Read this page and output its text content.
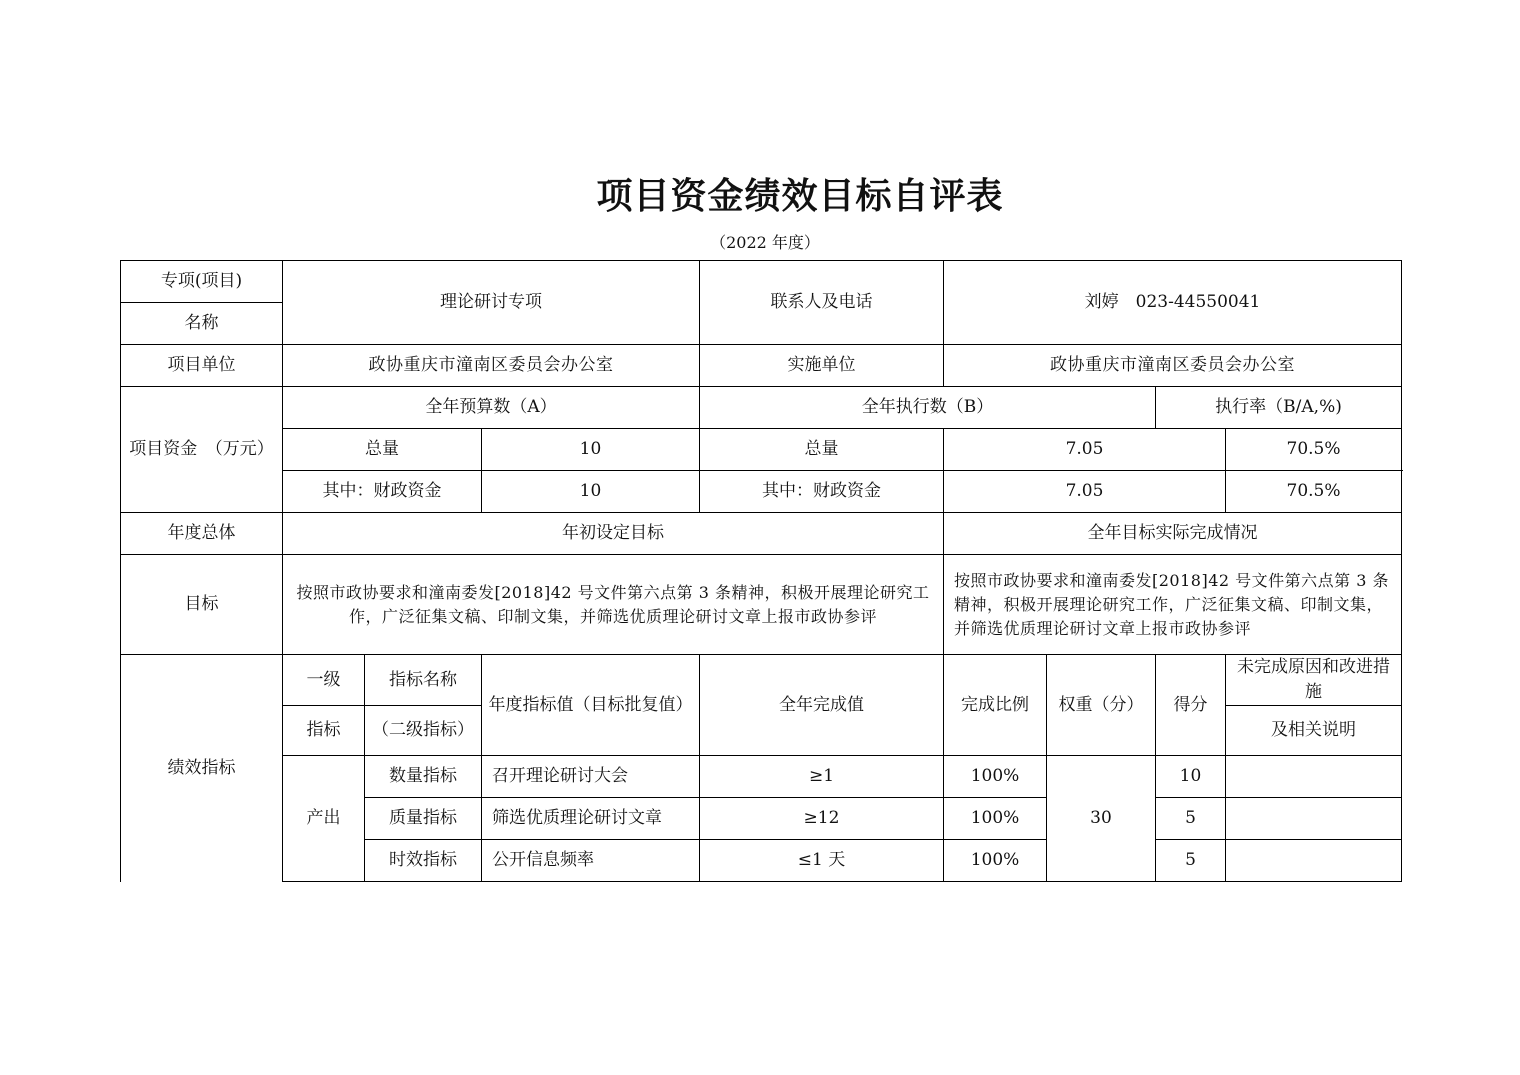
项目资金绩效目标自评表
（2022 年度）
专项(项目)	理论研讨专项			联系人及电话	刘婷　023-44550041			
名称								
项目单位	政协重庆市潼南区委员会办公室			实施单位	政协重庆市潼南区委员会办公室			
项目资金　（万元）	全年预算数（A）			全年执行数（B）			执行率（B/A,%)	
	总量		10	总量	7.05			70.5%
	其中：财政资金		10	其中：财政资金	7.05			70.5%
年度总体	年初设定目标				全年目标实际完成情况			
目标	按照市政协要求和潼南委发[2018]42 号文件第六点第 3 条精神，积极开展理论研究工作，广泛征集文稿、印制文集，并筛选优质理论研讨文章上报市政协参评				按照市政协要求和潼南委发[2018]42 号文件第六点第 3 条精神，积极开展理论研究工作，广泛征集文稿、印制文集，并筛选优质理论研讨文章上报市政协参评			
绩效指标	一级	指标名称	年度指标值（目标批复值）	全年完成值	完成比例	权重（分）	得分	未完成原因和改进措施
	指标	（二级指标）						及相关说明
	产出	数量指标	召开理论研讨大会	≥1	100%	30	10	
		质量指标	筛选优质理论研讨文章	≥12	100%		5	
		时效指标	公开信息频率	≤1 天	100%		5	
